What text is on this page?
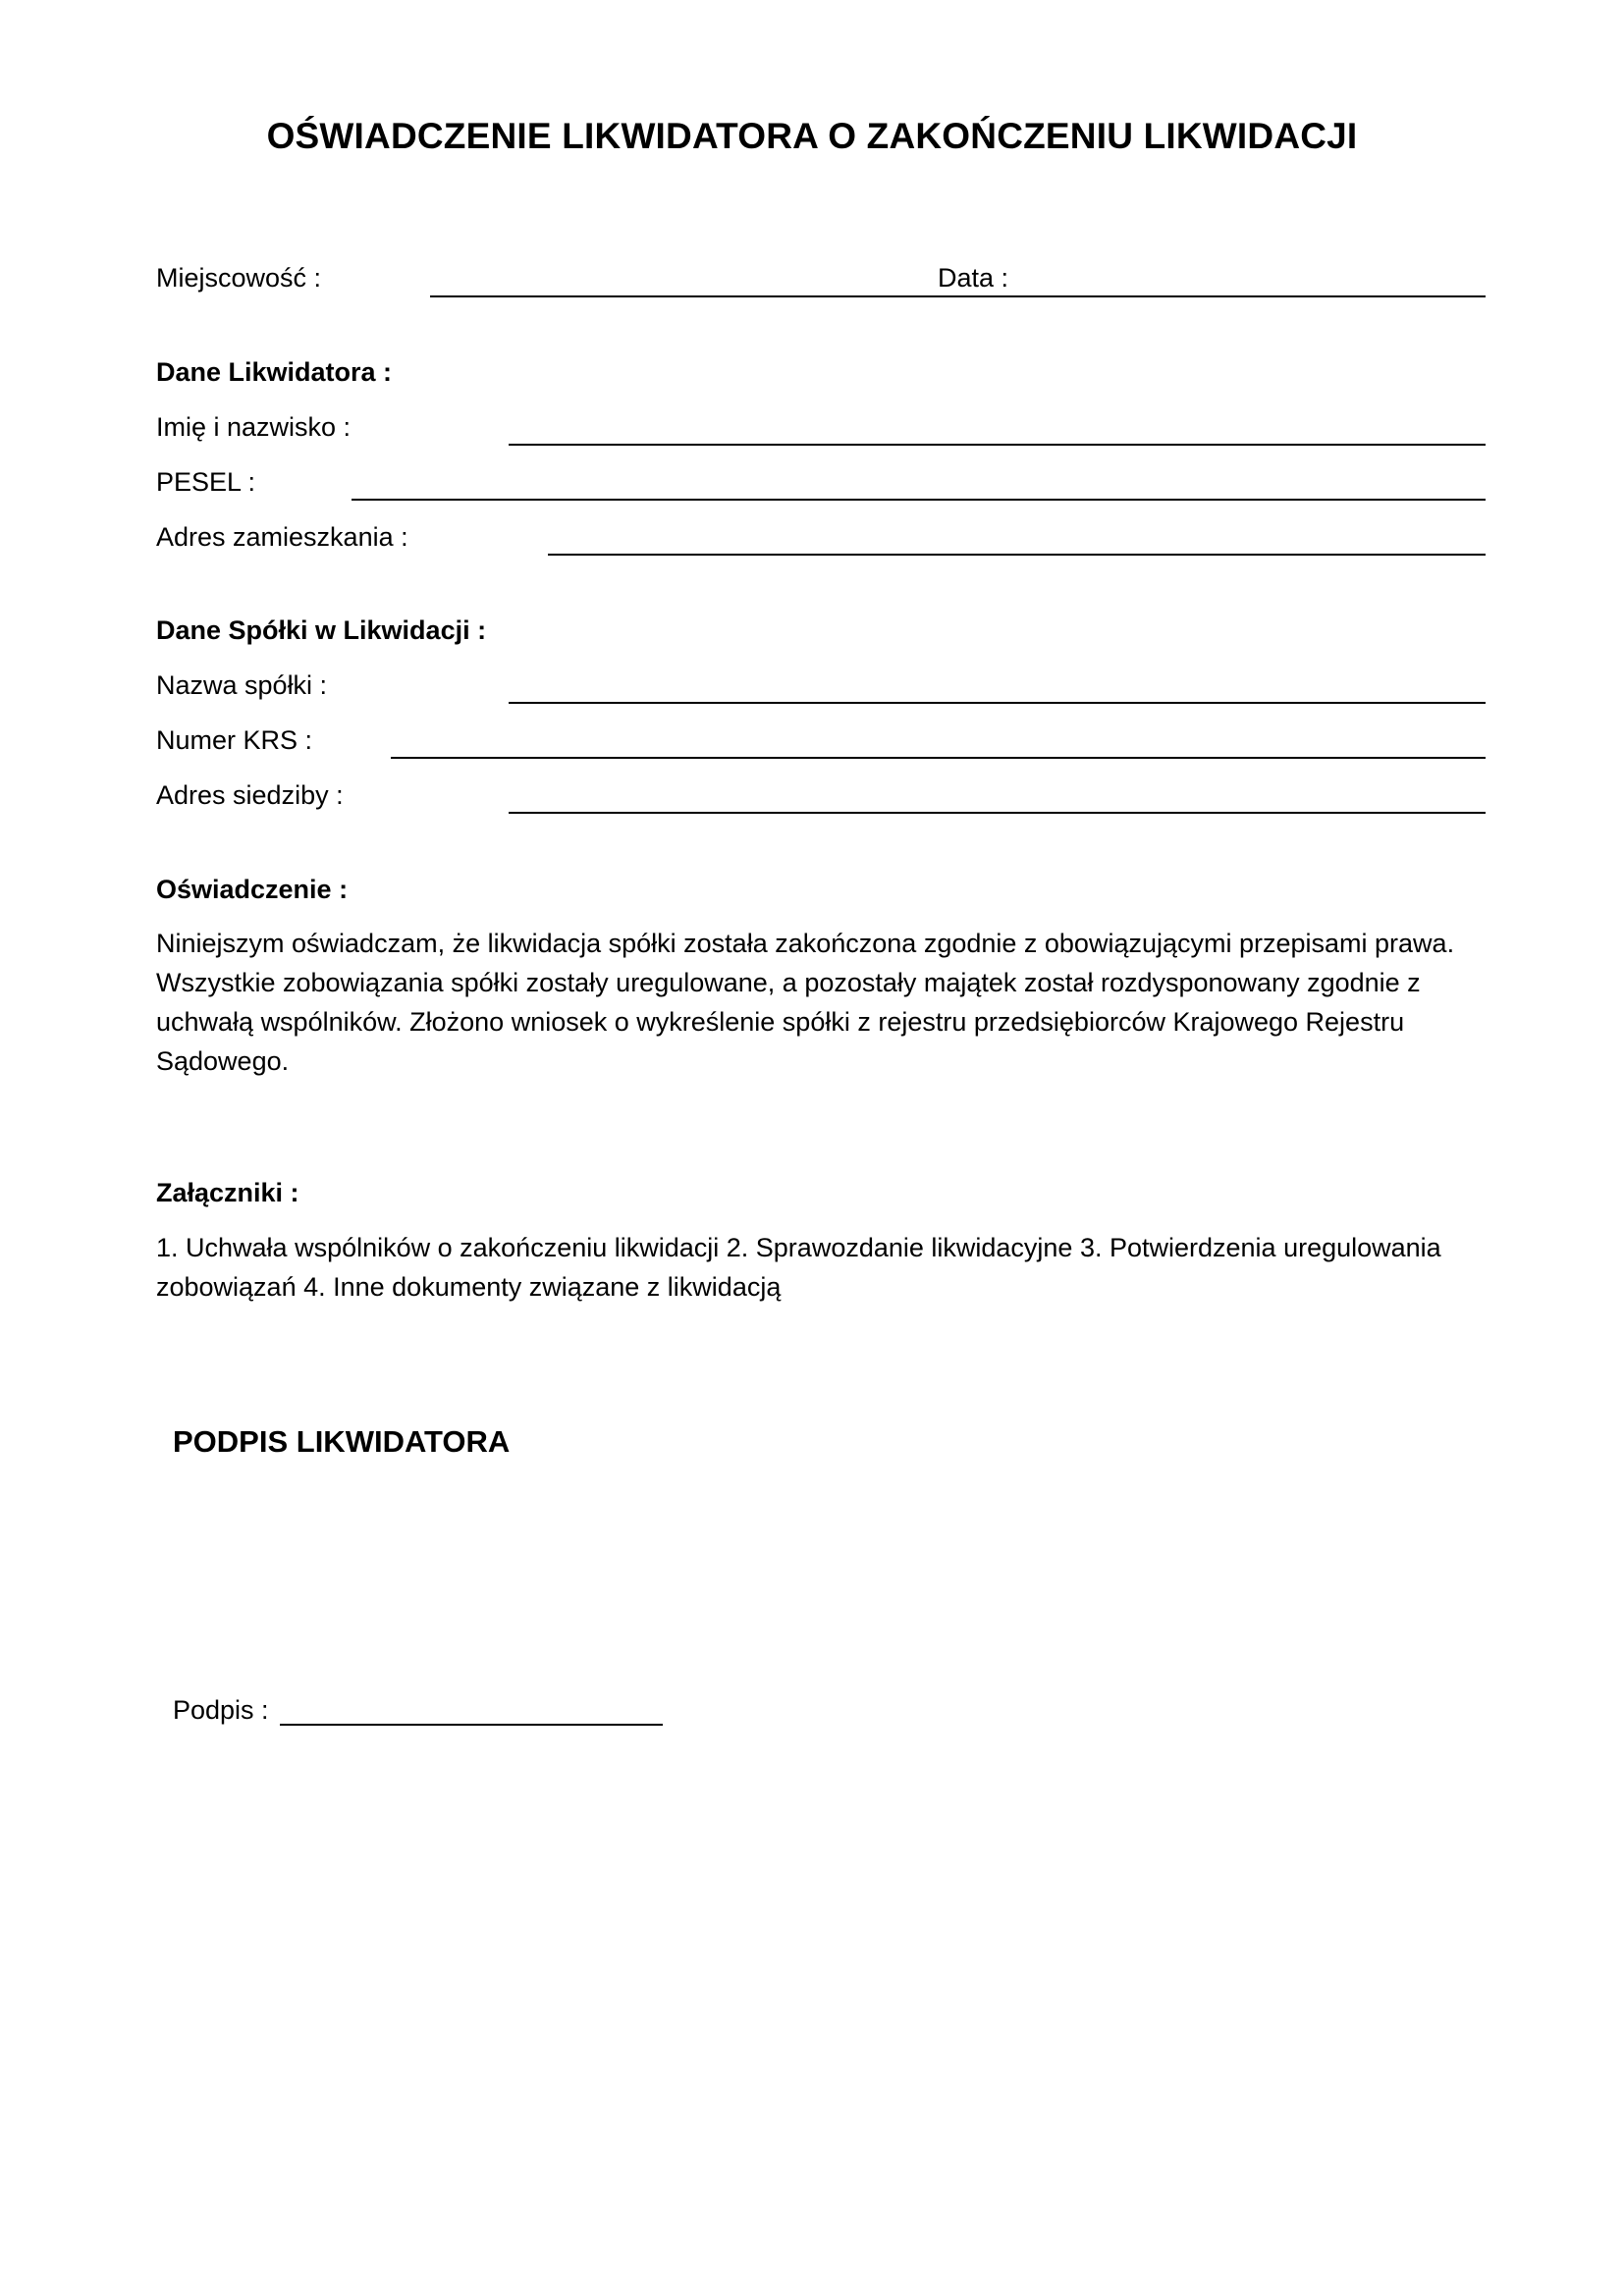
OŚWIADCZENIE LIKWIDATORA O ZAKOŃCZENIU LIKWIDACJI
Miejscowość :	Data :
Dane Likwidatora :
Imię i nazwisko :
PESEL :
Adres zamieszkania :
Dane Spółki w Likwidacji :
Nazwa spółki :
Numer KRS :
Adres siedziby :
Oświadczenie :
Niniejszym oświadczam, że likwidacja spółki została zakończona zgodnie z obowiązującymi przepisami prawa. Wszystkie zobowiązania spółki zostały uregulowane, a pozostały majątek został rozdysponowany zgodnie z uchwałą wspólników. Złożono wniosek o wykreślenie spółki z rejestru przedsiębiorców Krajowego Rejestru Sądowego.
Załączniki :
1. Uchwała wspólników o zakończeniu likwidacji 2. Sprawozdanie likwidacyjne 3. Potwierdzenia uregulowania zobowiązań 4. Inne dokumenty związane z likwidacją
PODPIS LIKWIDATORA
Podpis :
